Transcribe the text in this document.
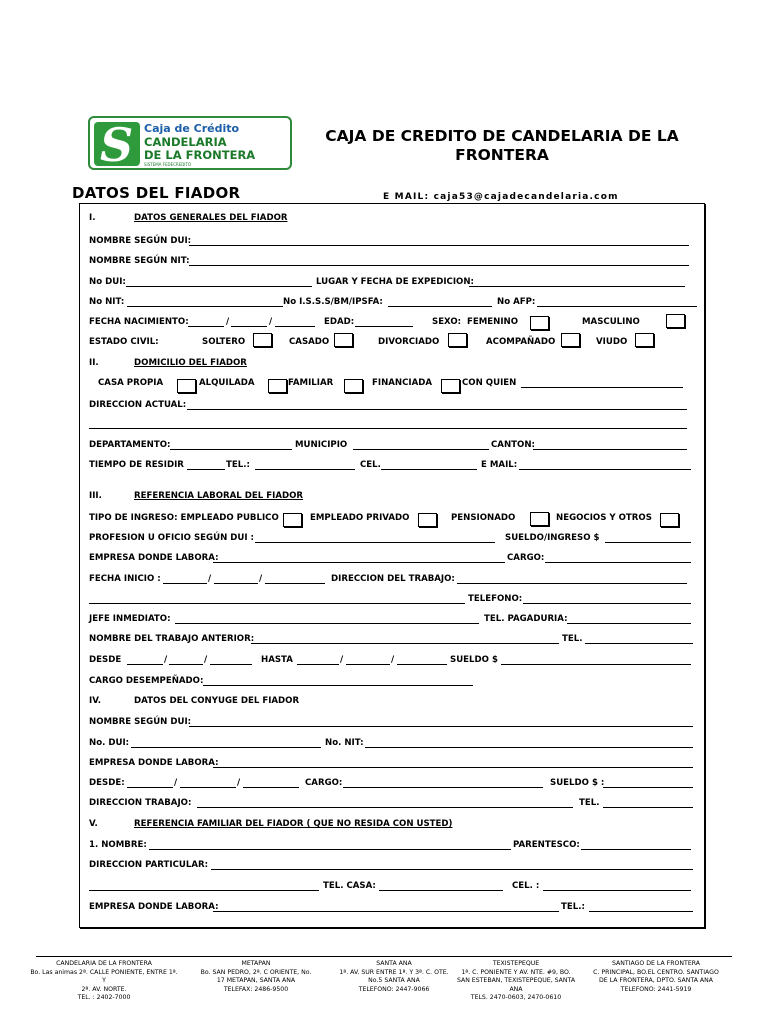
S Caja de Crédito
CANDELARIA
DE LA FRONTERA
SISTEMA FEDECREDITO
CAJA DE CREDITO DE CANDELARIA DE LA
FRONTERA
DATOS DEL FIADOR	E MAIL: caja53@cajadecandelaria.com
I.	DATOS GENERALES DEL FIADOR
NOMBRE SEGÚN DUI:
NOMBRE SEGÚN NIT:
No DUI:	LUGAR Y FECHA DE EXPEDICION:
No NIT:	No I.S.S.S/BM/IPSFA:	No AFP:
FECHA NACIMIENTO:	/	/	EDAD:	SEXO: FEMENINO	MASCULINO
ESTADO CIVIL:	SOLTERO	CASADO	DIVORCIADO	ACOMPAÑADO	VIUDO
II.	DOMICILIO DEL FIADOR
CASA PROPIA	ALQUILADA	FAMILIAR	FINANCIADA	CON QUIEN
DIRECCION ACTUAL:
DEPARTAMENTO:	MUNICIPIO	CANTON:
TIEMPO DE RESIDIR	TEL.:	CEL.	E MAIL:
III.	REFERENCIA LABORAL DEL FIADOR
TIPO DE INGRESO: EMPLEADO PUBLICO	EMPLEADO PRIVADO	PENSIONADO	NEGOCIOS Y OTROS
PROFESION U OFICIO SEGÚN DUI :	SUELDO/INGRESO $
EMPRESA DONDE LABORA:	CARGO:
FECHA INICIO :	/	/	DIRECCION DEL TRABAJO:
TELEFONO:
JEFE INMEDIATO:	TEL. PAGADURIA:
NOMBRE DEL TRABAJO ANTERIOR:	TEL.
DESDE	/	/	HASTA	/	/	SUELDO $
CARGO DESEMPEÑADO:
IV.	DATOS DEL CONYUGE DEL FIADOR
NOMBRE SEGÚN DUI:
No. DUI:	No. NIT:
EMPRESA DONDE LABORA:
DESDE:	/	/	CARGO:	SUELDO $ :
DIRECCION TRABAJO:	TEL.
V.	REFERENCIA FAMILIAR DEL FIADOR ( QUE NO RESIDA CON USTED)
1. NOMBRE:	PARENTESCO:
DIRECCION PARTICULAR:
TEL. CASA:	CEL. :
EMPRESA DONDE LABORA:	TEL.:
CANDELARIA DE LA FRONTERA
Bo. Las animas 2ª. CALLE PONIENTE, ENTRE 1ª. Y
2ª. AV. NORTE.
TEL. : 2402-7000
METAPAN
Bo. SAN PEDRO, 2ª. C ORIENTE, No.
17 METAPAN, SANTA ANA
TELEFAX: 2486-9500
SANTA ANA
1ª. AV. SUR ENTRE 1ª. Y 3ª. C. OTE.
No.5 SANTA ANA
TELEFONO: 2447-9066
TEXISTEPEQUE
1ª. C. PONIENTE Y AV. NTE. #9, BO.
SAN ESTEBAN, TEXISTEPEQUE, SANTA
ANA
TELS. 2470-0603, 2470-0610
SANTIAGO DE LA FRONTERA
C. PRINCIPAL, BO.EL CENTRO. SANTIAGO
DE LA FRONTERA, DPTO. SANTA ANA
TELEFONO: 2441-5919
